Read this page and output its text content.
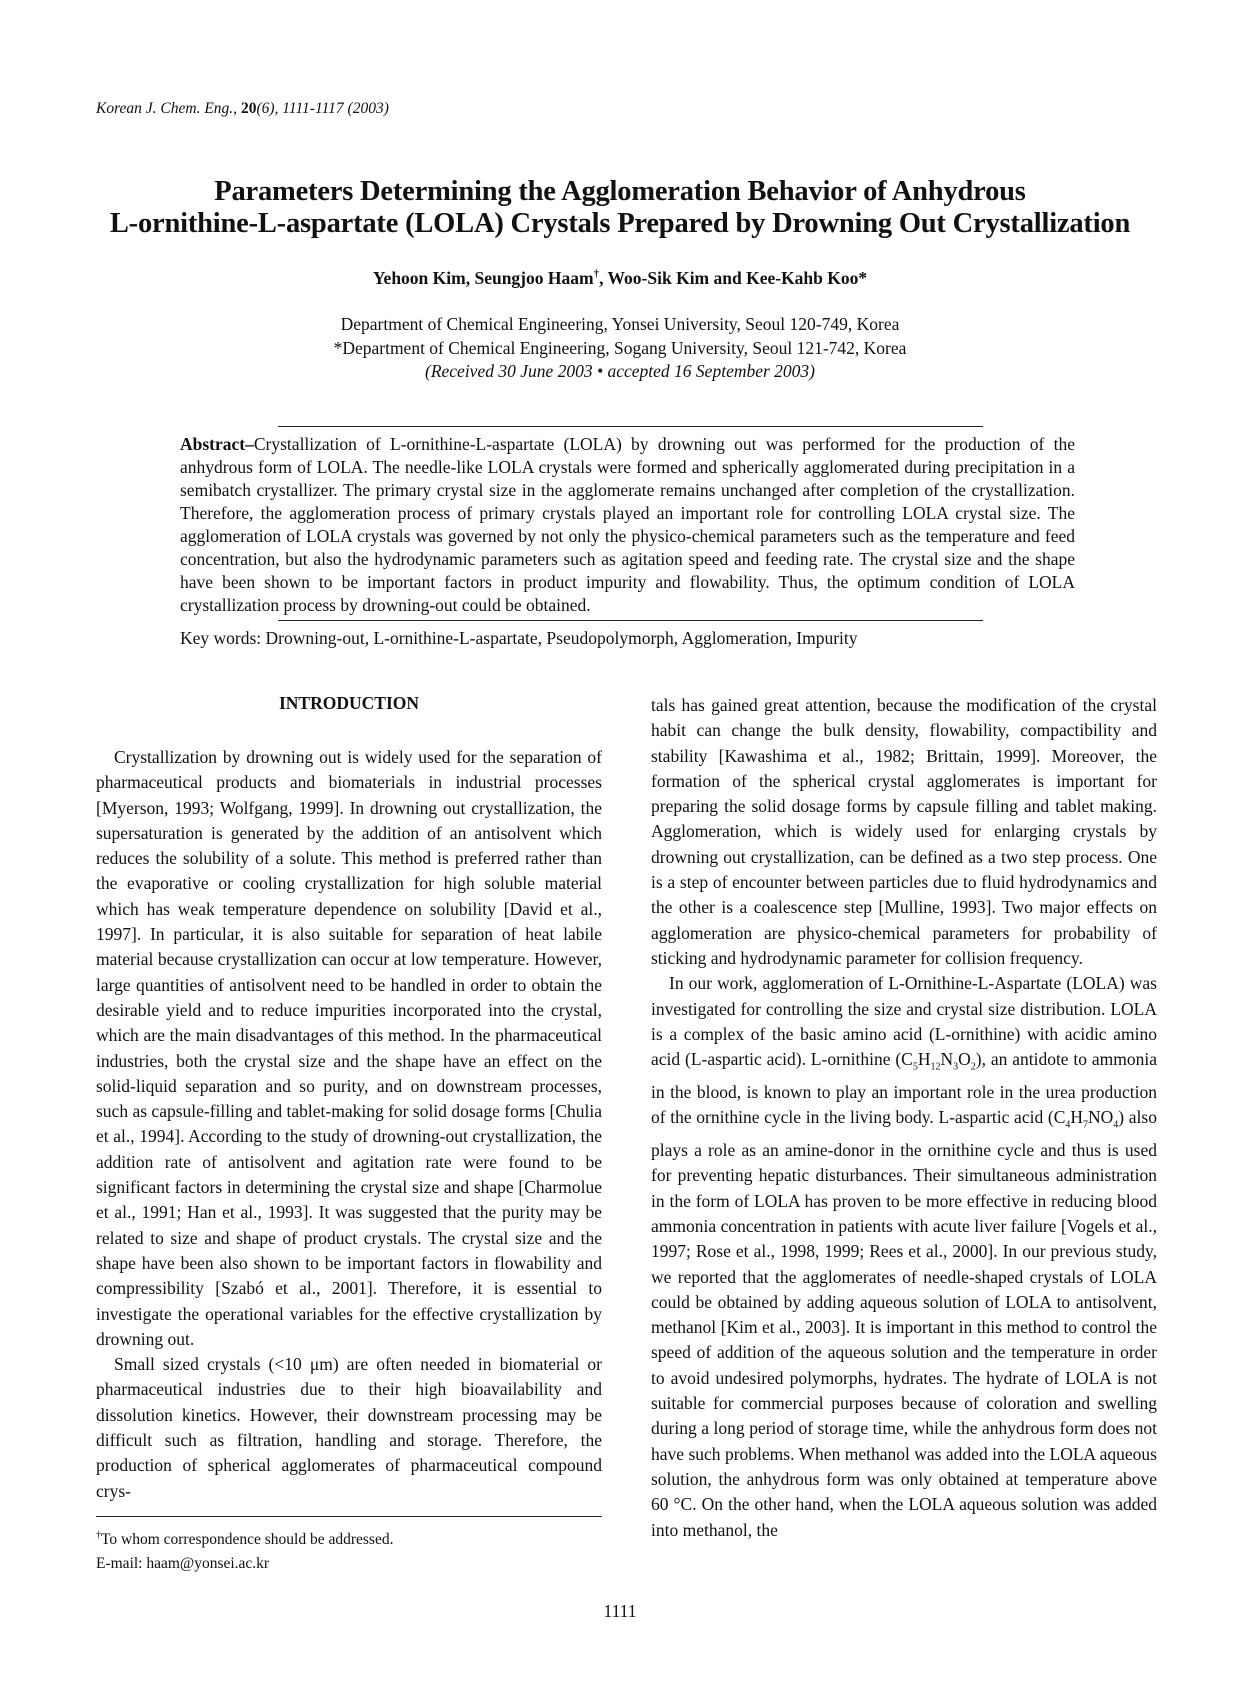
Korean J. Chem. Eng., 20(6), 1111-1117 (2003)
Parameters Determining the Agglomeration Behavior of Anhydrous
L-ornithine-L-aspartate (LOLA) Crystals Prepared by Drowning Out Crystallization
Yehoon Kim, Seungjoo Haam†, Woo-Sik Kim and Kee-Kahb Koo*
Department of Chemical Engineering, Yonsei University, Seoul 120-749, Korea
*Department of Chemical Engineering, Sogang University, Seoul 121-742, Korea
(Received 30 June 2003 • accepted 16 September 2003)
Abstract–Crystallization of L-ornithine-L-aspartate (LOLA) by drowning out was performed for the production of the anhydrous form of LOLA. The needle-like LOLA crystals were formed and spherically agglomerated during precipitation in a semibatch crystallizer. The primary crystal size in the agglomerate remains unchanged after completion of the crystallization. Therefore, the agglomeration process of primary crystals played an important role for controlling LOLA crystal size. The agglomeration of LOLA crystals was governed by not only the physico-chemical parameters such as the temperature and feed concentration, but also the hydrodynamic parameters such as agitation speed and feeding rate. The crystal size and the shape have been shown to be important factors in product impurity and flowability. Thus, the optimum condition of LOLA crystallization process by drowning-out could be obtained.
Key words: Drowning-out, L-ornithine-L-aspartate, Pseudopolymorph, Agglomeration, Impurity
INTRODUCTION

Crystallization by drowning out is widely used for the separation of pharmaceutical products and biomaterials in industrial processes [Myerson, 1993; Wolfgang, 1999]. In drowning out crystallization, the supersaturation is generated by the addition of an antisolvent which reduces the solubility of a solute. This method is preferred rather than the evaporative or cooling crystallization for high soluble material which has weak temperature dependence on solubility [David et al., 1997]. In particular, it is also suitable for separation of heat labile material because crystallization can occur at low temperature. However, large quantities of antisolvent need to be handled in order to obtain the desirable yield and to reduce impurities incorporated into the crystal, which are the main disadvantages of this method. In the pharmaceutical industries, both the crystal size and the shape have an effect on the solid-liquid separation and so purity, and on downstream processes, such as capsule-filling and tablet-making for solid dosage forms [Chulia et al., 1994]. According to the study of drowning-out crystallization, the addition rate of antisolvent and agitation rate were found to be significant factors in determining the crystal size and shape [Charmolue et al., 1991; Han et al., 1993]. It was suggested that the purity may be related to size and shape of product crystals. The crystal size and the shape have been also shown to be important factors in flowability and compressibility [Szabó et al., 2001]. Therefore, it is essential to investigate the operational variables for the effective crystallization by drowning out.

Small sized crystals (<10 μm) are often needed in biomaterial or pharmaceutical industries due to their high bioavailability and dissolution kinetics. However, their downstream processing may be difficult such as filtration, handling and storage. Therefore, the production of spherical agglomerates of pharmaceutical compound crys-

tals has gained great attention, because the modification of the crystal habit can change the bulk density, flowability, compactibility and stability [Kawashima et al., 1982; Brittain, 1999]. Moreover, the formation of the spherical crystal agglomerates is important for preparing the solid dosage forms by capsule filling and tablet making. Agglomeration, which is widely used for enlarging crystals by drowning out crystallization, can be defined as a two step process. One is a step of encounter between particles due to fluid hydrodynamics and the other is a coalescence step [Mulline, 1993]. Two major effects on agglomeration are physico-chemical parameters for probability of sticking and hydrodynamic parameter for collision frequency.

In our work, agglomeration of L-Ornithine-L-Aspartate (LOLA) was investigated for controlling the size and crystal size distribution. LOLA is a complex of the basic amino acid (L-ornithine) with acidic amino acid (L-aspartic acid). L-ornithine $(C_5H_{12}N_3O_2)$, an antidote to ammonia in the blood, is known to play an important role in the urea production of the ornithine cycle in the living body. L-aspartic acid $(C_4H_7NO_4)$ also plays a role as an amine-donor in the ornithine cycle and thus is used for preventing hepatic disturbances. Their simultaneous administration in the form of LOLA has proven to be more effective in reducing blood ammonia concentration in patients with acute liver failure [Vogels et al., 1997; Rose et al., 1998, 1999; Rees et al., 2000]. In our previous study, we reported that the agglomerates of needle-shaped crystals of LOLA could be obtained by adding aqueous solution of LOLA to antisolvent, methanol [Kim et al., 2003]. It is important in this method to control the speed of addition of the aqueous solution and the temperature in order to avoid undesired polymorphs, hydrates. The hydrate of LOLA is not suitable for commercial purposes because of coloration and swelling during a long period of storage time, while the anhydrous form does not have such problems. When methanol was added into the LOLA aqueous solution, the anhydrous form was only obtained at temperature above 60 °C. On the other hand, when the LOLA aqueous solution was added into methanol, the

†To whom correspondence should be addressed.
E-mail: haam@yonsei.ac.kr
1111
